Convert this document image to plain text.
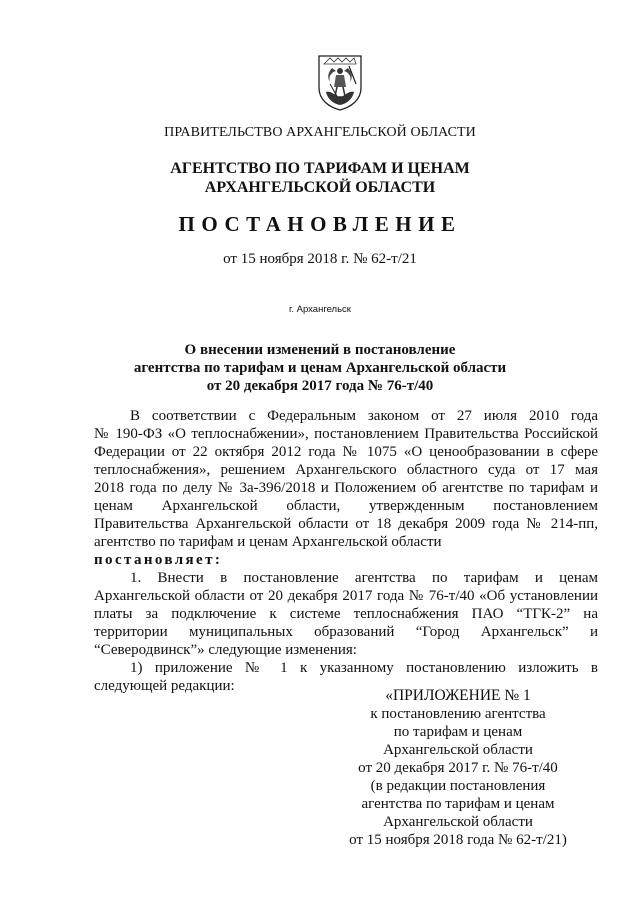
ПРАВИТЕЛЬСТВО АРХАНГЕЛЬСКОЙ ОБЛАСТИ
АГЕНТСТВО ПО ТАРИФАМ И ЦЕНАМ
АРХАНГЕЛЬСКОЙ ОБЛАСТИ
ПОСТАНОВЛЕНИЕ
от 15 ноября 2018 г. № 62-т/21
г. Архангельск
О внесении изменений в постановление
агентства по тарифам и ценам Архангельской области
от 20 декабря 2017 года № 76-т/40
В соответствии с Федеральным законом от 27 июля 2010 года
№ 190-ФЗ «О теплоснабжении», постановлением Правительства Российской
Федерации от 22 октября 2012 года № 1075 «О ценообразовании в сфере
теплоснабжения», решением Архангельского областного суда от 17 мая
2018 года по делу № 3а-396/2018 и Положением об агентстве по тарифам и
ценам Архангельской области, утвержденным постановлением
Правительства Архангельской области от 18 декабря 2009 года № 214-пп,
агентство по тарифам и ценам Архангельской области
постановляет:
1. Внести в постановление агентства по тарифам и ценам
Архангельской области от 20 декабря 2017 года № 76-т/40 «Об установлении
платы за подключение к системе теплоснабжения ПАО “ТГК-2” на
территории муниципальных образований “Город Архангельск” и
“Северодвинск”» следующие изменения:
1) приложение № 1 к указанному постановлению изложить в
следующей редакции:
«ПРИЛОЖЕНИЕ № 1
к постановлению агентства
по тарифам и ценам
Архангельской области
от 20 декабря 2017 г. № 76-т/40
(в редакции постановления
агентства по тарифам и ценам
Архангельской области
от 15 ноября 2018 года № 62-т/21)
